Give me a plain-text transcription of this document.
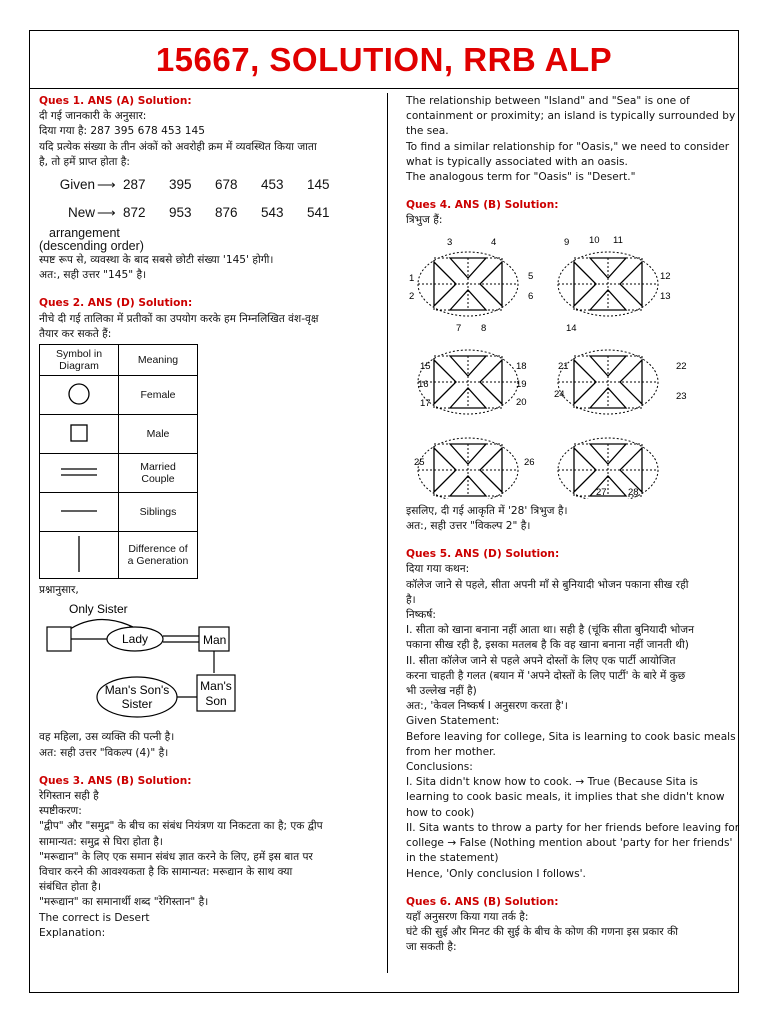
15667, SOLUTION, RRB ALP
Ques 1. ANS (A) Solution:
दी गई जानकारी के अनुसार:
दिया गया है: 287 395 678 453 145
यदि प्रत्येक संख्या के तीन अंकों को अवरोही क्रम में व्यवस्थित किया जाता
है, तो हमें प्राप्त होता है:
Given ⟶ 287	395	678	453	145
New ⟶ 872	953	876	543	541
arrangement
(descending order)
स्पष्ट रूप से, व्यवस्था के बाद सबसे छोटी संख्या '145' होगी।
अत:, सही उत्तर "145" है।
Ques 2. ANS (D) Solution:
नीचे दी गई तालिका में प्रतीकों का उपयोग करके हम निम्नलिखित वंश-वृक्ष
तैयार कर सकते हैं:
Symbol in
Diagram	Meaning
	Female
	Male

Married
Couple

	Siblings

Difference of
a Generation
प्रश्नानुसार,
Only Sister
Lady	Man
Man's Son's
Sister
Man's
Son
वह महिला, उस व्यक्ति की पत्नी है।
अत: सही उत्तर "विकल्प (4)" है।
Ques 3. ANS (B) Solution:
रेगिस्तान सही है
स्पष्टीकरण:
"द्वीप" और "समुद्र" के बीच का संबंध नियंत्रण या निकटता का है; एक द्वीप
सामान्यत: समुद्र से घिरा होता है।
"मरूद्यान" के लिए एक समान संबंध ज्ञात करने के लिए, हमें इस बात पर
विचार करने की आवश्यकता है कि सामान्यत: मरूद्यान के साथ क्या
संबंधित होता है।
"मरूद्यान" का समानार्थी शब्द "रेगिस्तान" है।
The correct is Desert
Explanation:
The relationship between "Island" and "Sea" is one of
containment or proximity; an island is typically surrounded by
the sea.
To find a similar relationship for "Oasis," we need to consider
what is typically associated with an oasis.
The analogous term for "Oasis" is "Desert."
Ques 4. ANS (B) Solution:
त्रिभुज हैं:
1
2
3	4
5
6
7 8
9 10 11
12
13
14
15
16
17
18
19
20
21	22
23
24
25	26
27 28
इसलिए, दी गई आकृति में '28' त्रिभुज है।
अत:, सही उत्तर "विकल्प 2" है।
Ques 5. ANS (D) Solution:
दिया गया कथन:
कॉलेज जाने से पहले, सीता अपनी माँ से बुनियादी भोजन पकाना सीख रही
है।
निष्कर्ष:
I. सीता को खाना बनाना नहीं आता था। सही है (चूंकि सीता बुनियादी भोजन
पकाना सीख रही है, इसका मतलब है कि वह खाना बनाना नहीं जानती थी)
II. सीता कॉलेज जाने से पहले अपने दोस्तों के लिए एक पार्टी आयोजित
करना चाहती है गलत (बयान में 'अपने दोस्तों के लिए पार्टी' के बारे में कुछ
भी उल्लेख नहीं है)
अत:, 'केवल निष्कर्ष I अनुसरण करता है'।
Given Statement:
Before leaving for college, Sita is learning to cook basic meals
from her mother.
Conclusions:
I. Sita didn't know how to cook. → True (Because Sita is
learning to cook basic meals, it implies that she didn't know
how to cook)
II. Sita wants to throw a party for her friends before leaving for
college → False (Nothing mention about 'party for her friends'
in the statement)
Hence, 'Only conclusion I follows'.
Ques 6. ANS (B) Solution:
यहाँ अनुसरण किया गया तर्क है:
घंटे की सुई और मिनट की सुई के बीच के कोण की गणना इस प्रकार की
जा सकती है:
